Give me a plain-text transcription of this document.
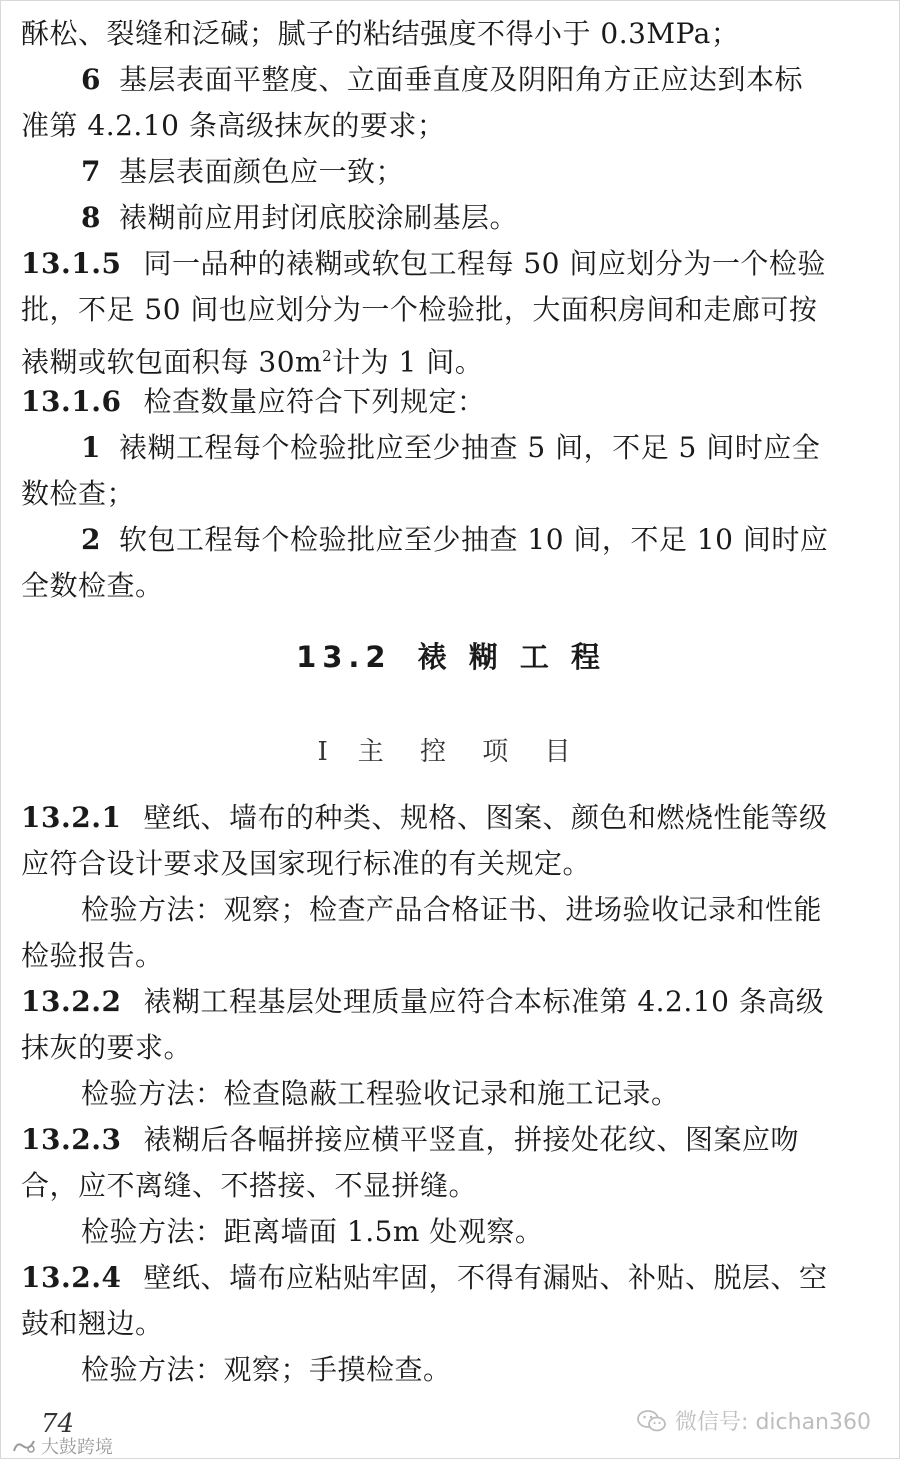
酥松、裂缝和泛碱；腻子的粘结强度不得小于 0.3MPa；
6 基层表面平整度、立面垂直度及阴阳角方正应达到本标
准第 4.2.10 条高级抹灰的要求；
7 基层表面颜色应一致；
8 裱糊前应用封闭底胶涂刷基层。
13.1.5 同一品种的裱糊或软包工程每 50 间应划分为一个检验
批，不足 50 间也应划分为一个检验批，大面积房间和走廊可按
裱糊或软包面积每 $30m^2$计为 1 间。
13.1.6 检查数量应符合下列规定：
1 裱糊工程每个检验批应至少抽查 5 间，不足 5 间时应全
数检查；
2 软包工程每个检验批应至少抽查 10 间，不足 10 间时应
全数检查。
13.2 裱 糊 工 程
Ⅰ 主 控 项 目
13.2.1 壁纸、墙布的种类、规格、图案、颜色和燃烧性能等级
应符合设计要求及国家现行标准的有关规定。
检验方法：观察；检查产品合格证书、进场验收记录和性能
检验报告。
13.2.2 裱糊工程基层处理质量应符合本标准第 4.2.10 条高级
抹灰的要求。
检验方法：检查隐蔽工程验收记录和施工记录。
13.2.3 裱糊后各幅拼接应横平竖直，拼接处花纹、图案应吻
合，应不离缝、不搭接、不显拼缝。
检验方法：距离墙面 1.5m 处观察。
13.2.4 壁纸、墙布应粘贴牢固，不得有漏贴、补贴、脱层、空
鼓和翘边。
检验方法：观察；手摸检查。
74
大鼓跨境
微信号: dichan360
